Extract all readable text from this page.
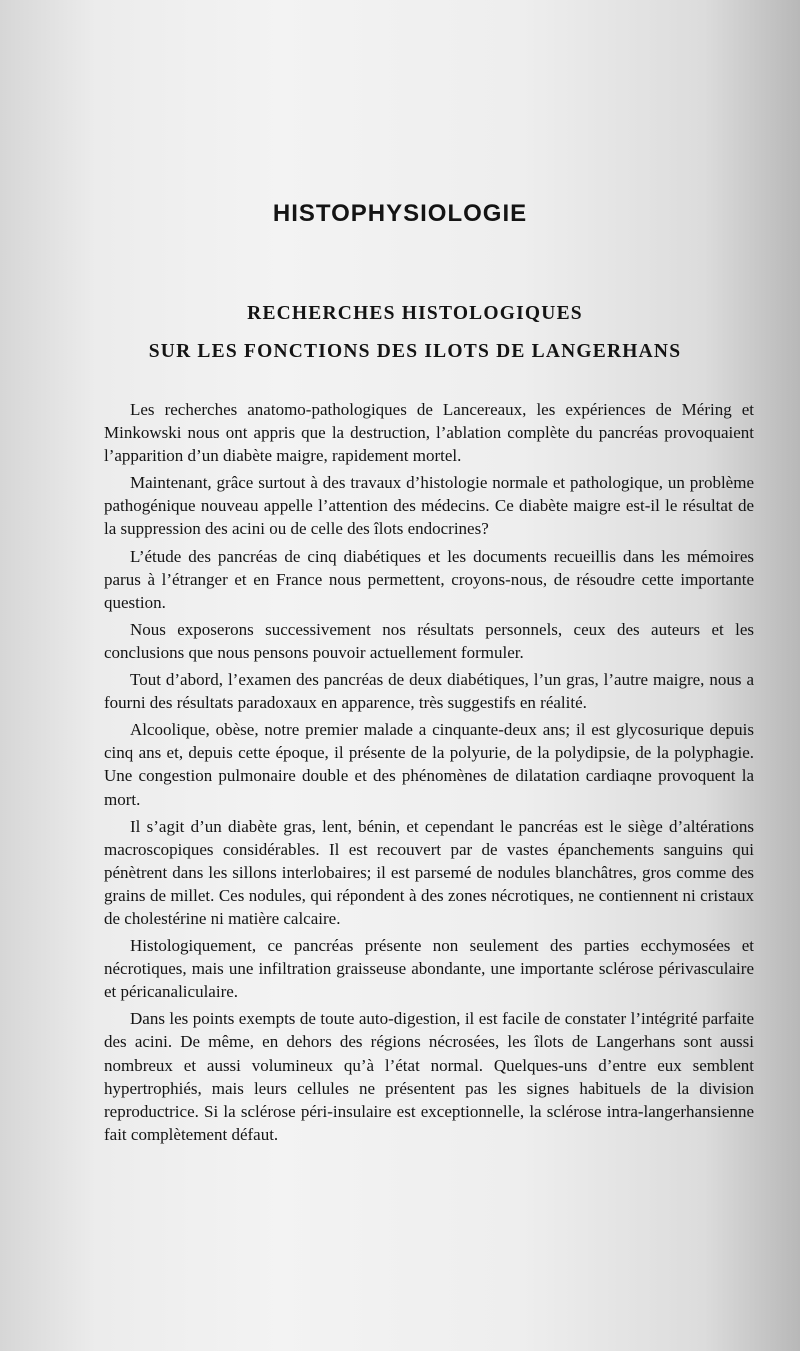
HISTOPHYSIOLOGIE
RECHERCHES HISTOLOGIQUES
SUR LES FONCTIONS DES ILOTS DE LANGERHANS

Les recherches anatomo-pathologiques de Lancereaux, les expériences de Méring et Minkowski nous ont appris que la destruction, l’ablation complète du pancréas provoquaient l’apparition d’un diabète maigre, rapidement mortel.

Maintenant, grâce surtout à des travaux d’histologie normale et pathologique, un problème pathogénique nouveau appelle l’attention des médecins. Ce diabète maigre est-il le résultat de la suppression des acini ou de celle des îlots endocrines?

L’étude des pancréas de cinq diabétiques et les documents recueillis dans les mémoires parus à l’étranger et en France nous permettent, croyons-nous, de résoudre cette importante question.

Nous exposerons successivement nos résultats personnels, ceux des auteurs et les conclusions que nous pensons pouvoir actuellement formuler.

Tout d’abord, l’examen des pancréas de deux diabétiques, l’un gras, l’autre maigre, nous a fourni des résultats paradoxaux en apparence, très suggestifs en réalité.

Alcoolique, obèse, notre premier malade a cinquante-deux ans; il est glycosurique depuis cinq ans et, depuis cette époque, il présente de la polyurie, de la polydipsie, de la polyphagie. Une congestion pulmonaire double et des phénomènes de dilatation cardiaqne provoquent la mort.

Il s’agit d’un diabète gras, lent, bénin, et cependant le pancréas est le siège d’altérations macroscopiques considérables. Il est recouvert par de vastes épanchements sanguins qui pénètrent dans les sillons interlobaires; il est parsemé de nodules blanchâtres, gros comme des grains de millet. Ces nodules, qui répondent à des zones nécrotiques, ne contiennent ni cristaux de cholestérine ni matière calcaire.

Histologiquement, ce pancréas présente non seulement des parties ecchymosées et nécrotiques, mais une infiltration graisseuse abondante, une importante sclérose périvasculaire et péricanaliculaire.

Dans les points exempts de toute auto-digestion, il est facile de constater l’intégrité parfaite des acini. De même, en dehors des régions nécrosées, les îlots de Langerhans sont aussi nombreux et aussi volumineux qu’à l’état normal. Quelques-uns d’entre eux semblent hypertrophiés, mais leurs cellules ne présentent pas les signes habituels de la division reproductrice. Si la sclérose péri-insulaire est exceptionnelle, la sclérose intra-langerhansienne fait complètement défaut.
